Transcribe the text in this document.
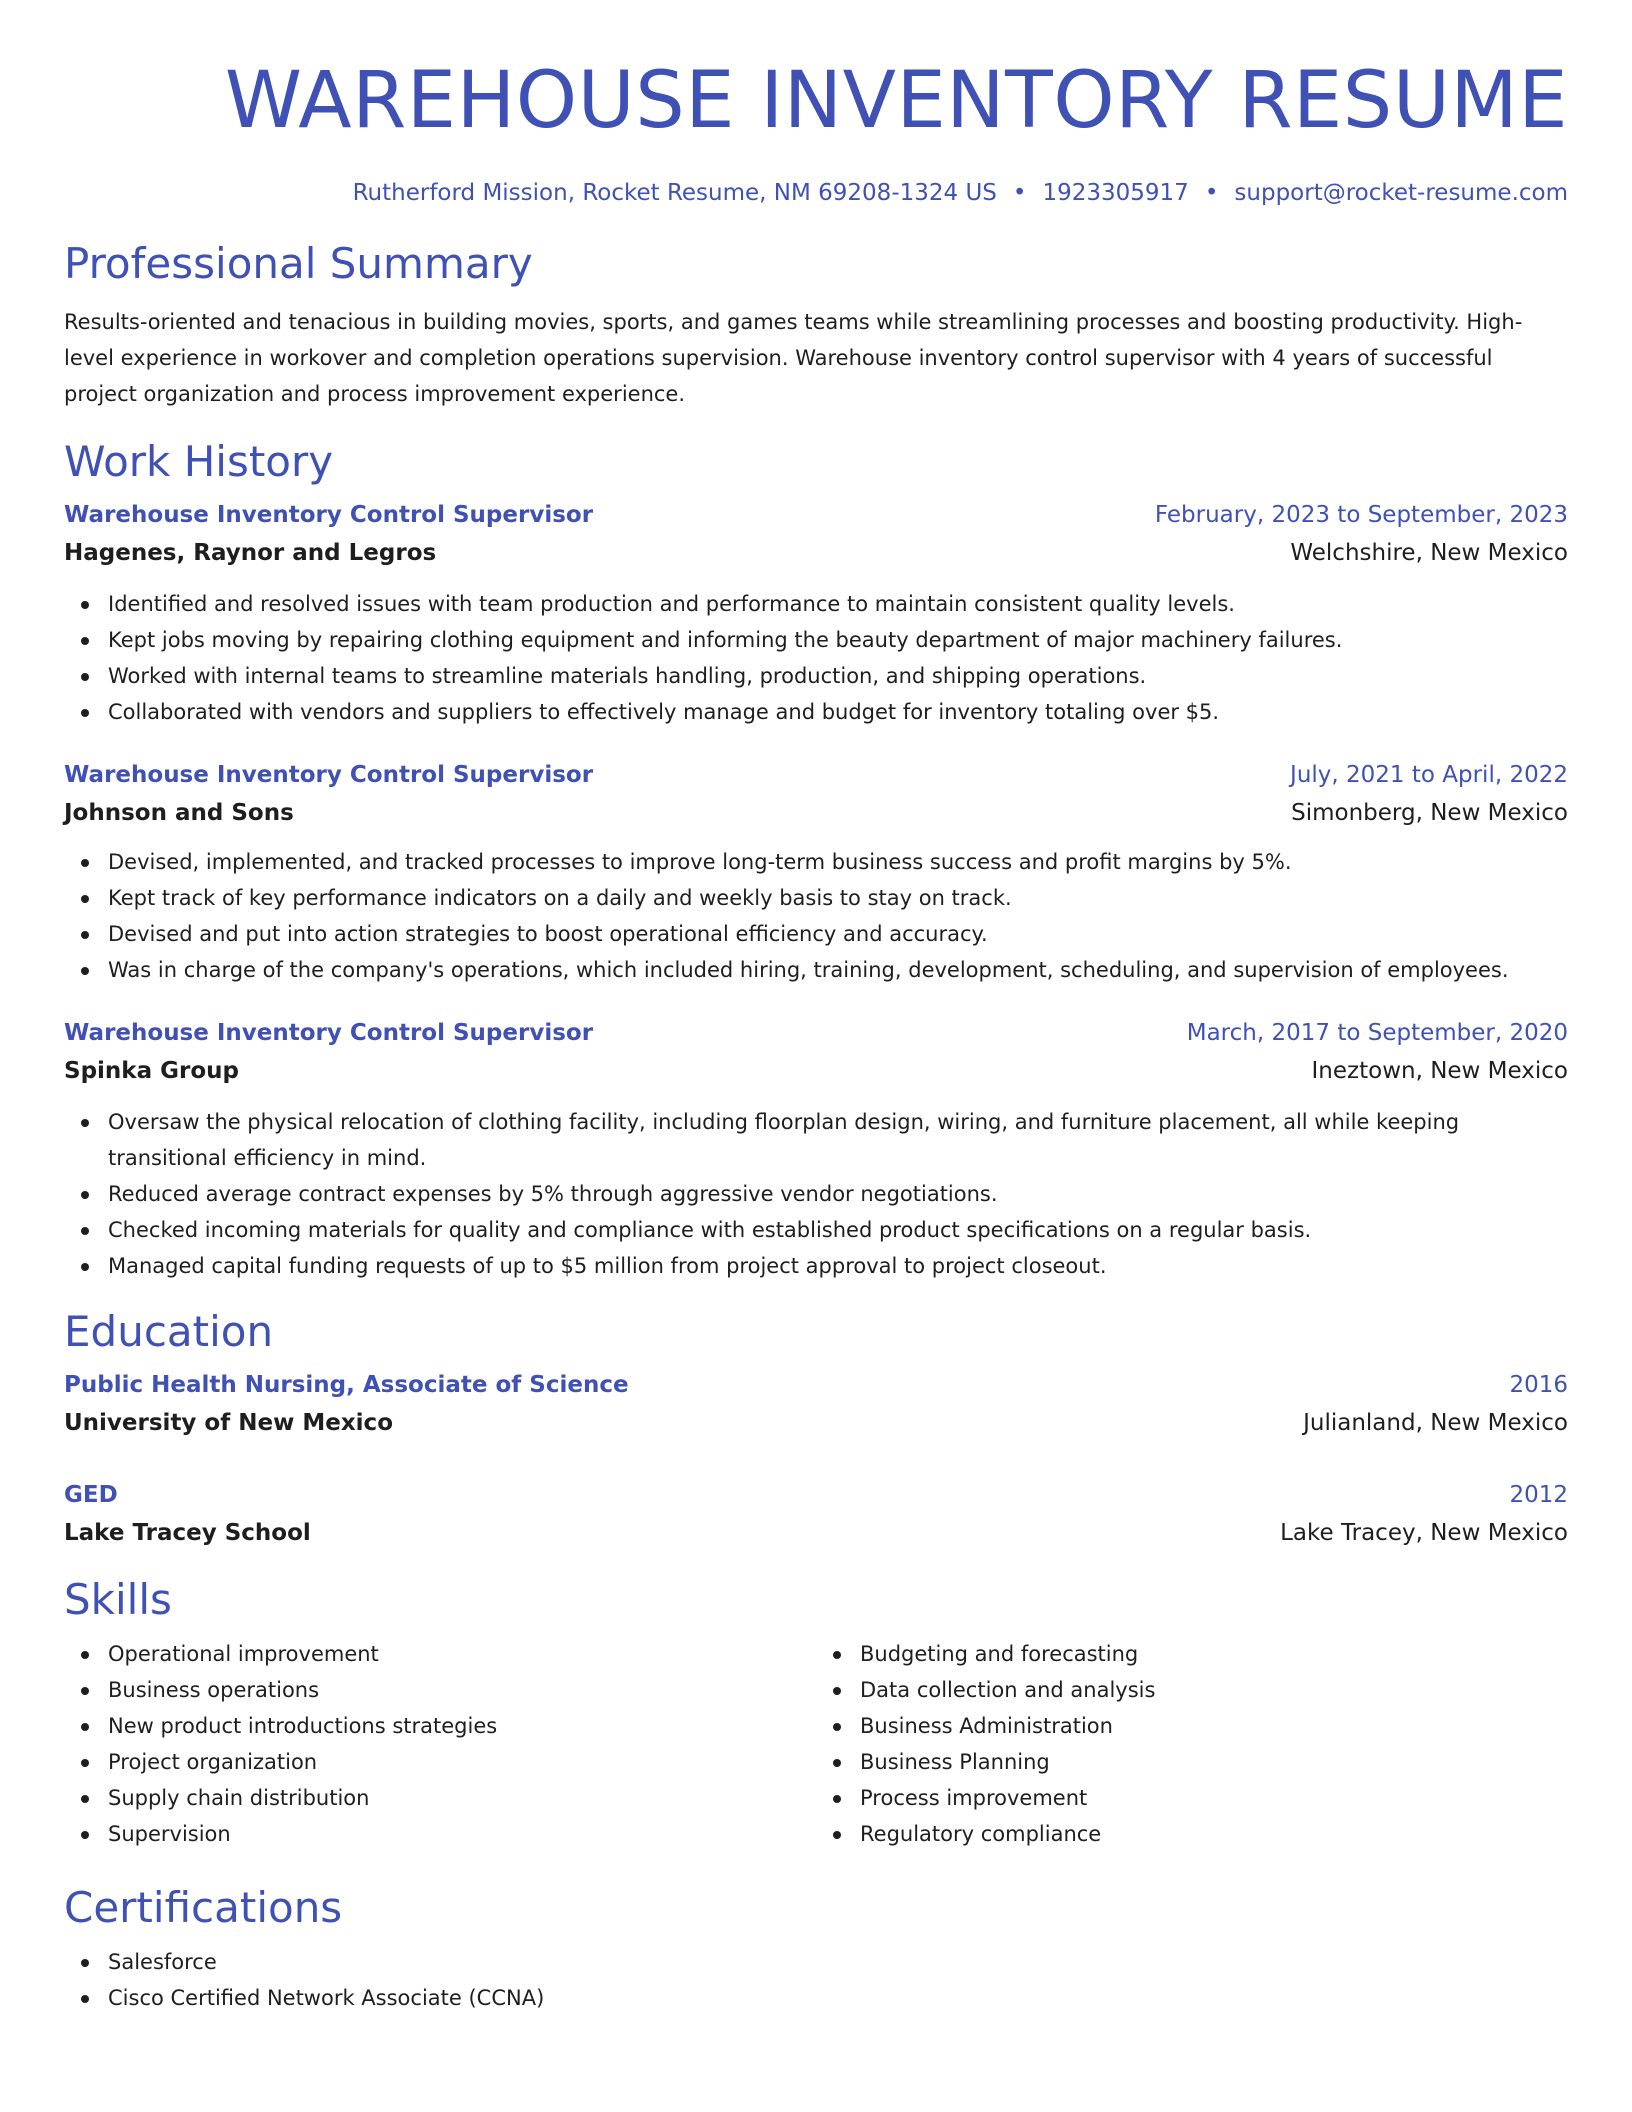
WAREHOUSE INVENTORY RESUME
Rutherford Mission, Rocket Resume, NM 69208-1324 US • 1923305917 • support@rocket-resume.com
Professional Summary

Results-oriented and tenacious in building movies, sports, and games teams while streamlining processes and boosting productivity. High-level experience in workover and completion operations supervision. Warehouse inventory control supervisor with 4 years of successful project organization and process improvement experience.

Work History
Warehouse Inventory Control Supervisor	February, 2023 to September, 2023
Hagenes, Raynor and Legros	Welchshire, New Mexico
Identified and resolved issues with team production and performance to maintain consistent quality levels.
Kept jobs moving by repairing clothing equipment and informing the beauty department of major machinery failures.
Worked with internal teams to streamline materials handling, production, and shipping operations.
Collaborated with vendors and suppliers to effectively manage and budget for inventory totaling over $5.
Warehouse Inventory Control Supervisor	July, 2021 to April, 2022
Johnson and Sons	Simonberg, New Mexico
Devised, implemented, and tracked processes to improve long-term business success and profit margins by 5%.
Kept track of key performance indicators on a daily and weekly basis to stay on track.
Devised and put into action strategies to boost operational efficiency and accuracy.
Was in charge of the company's operations, which included hiring, training, development, scheduling, and supervision of employees.
Warehouse Inventory Control Supervisor	March, 2017 to September, 2020
Spinka Group	Ineztown, New Mexico
Oversaw the physical relocation of clothing facility, including floorplan design, wiring, and furniture placement, all while keeping transitional efficiency in mind.
Reduced average contract expenses by 5% through aggressive vendor negotiations.
Checked incoming materials for quality and compliance with established product specifications on a regular basis.
Managed capital funding requests of up to $5 million from project approval to project closeout.
Education
Public Health Nursing, Associate of Science	2016
University of New Mexico	Julianland, New Mexico
GED	2012
Lake Tracey School	Lake Tracey, New Mexico
Skills
Operational improvement
Business operations
New product introductions strategies
Project organization
Supply chain distribution
Supervision
Budgeting and forecasting
Data collection and analysis
Business Administration
Business Planning
Process improvement
Regulatory compliance
Certifications
Salesforce
Cisco Certified Network Associate (CCNA)
